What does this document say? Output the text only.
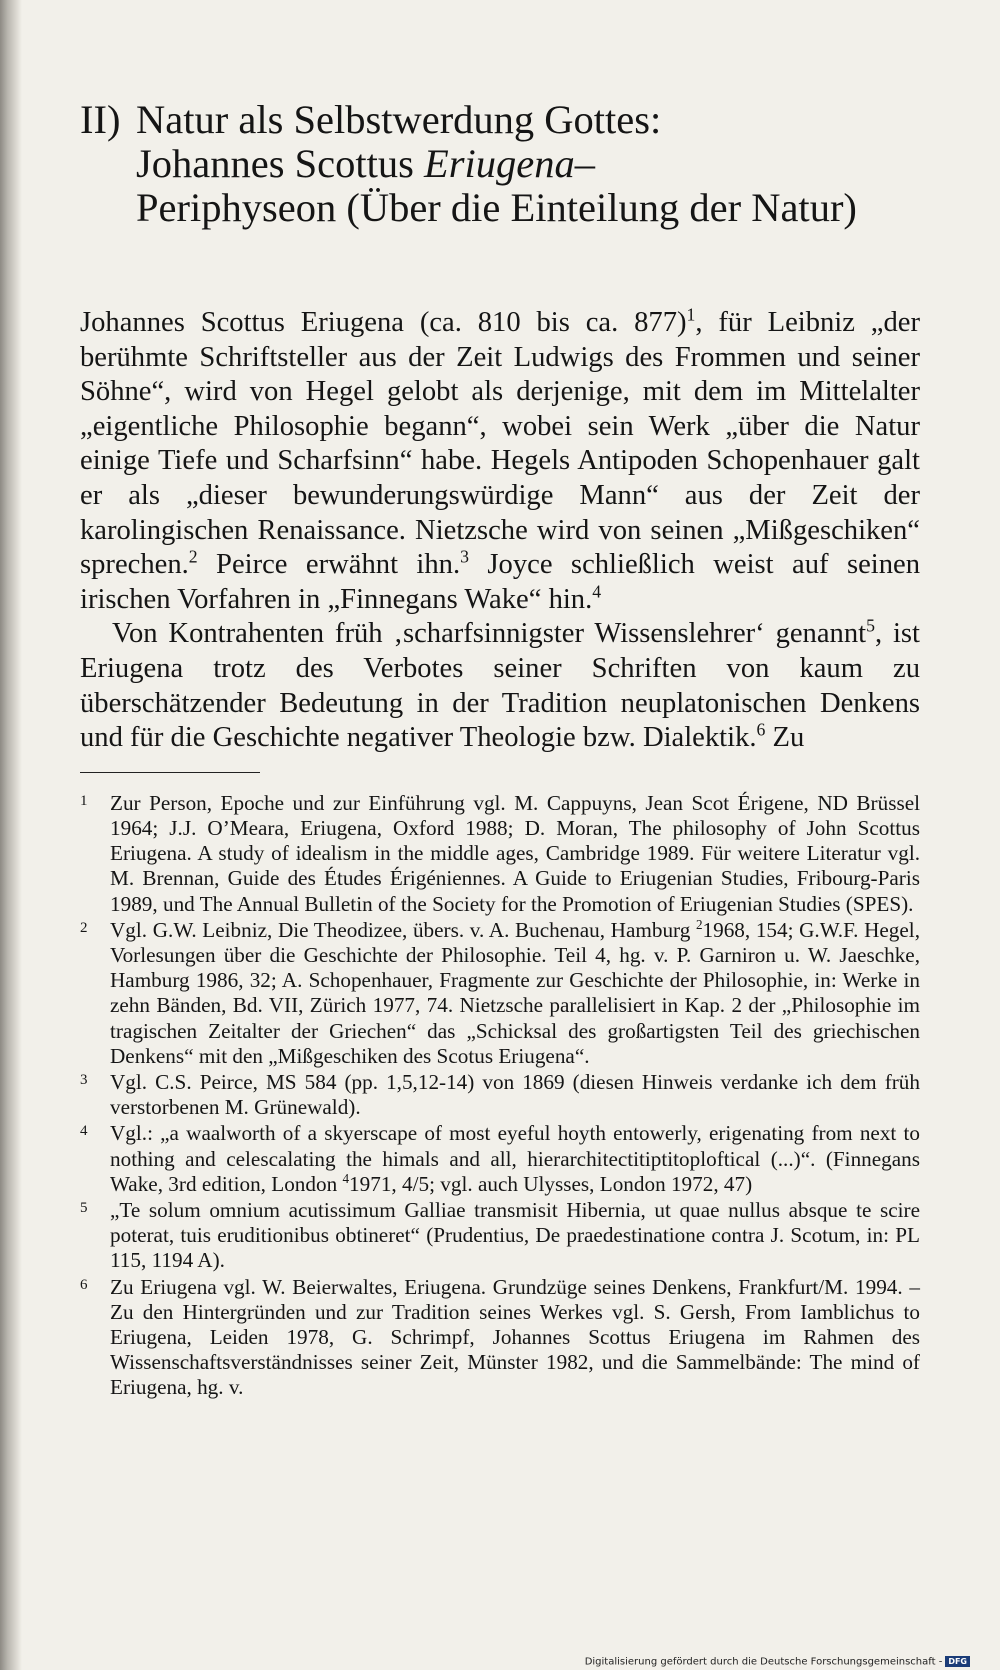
II) Natur als Selbstwerdung Gottes:
Johannes Scottus Eriugena–
Periphyseon (Über die Einteilung der Natur)

Johannes Scottus Eriugena (ca. 810 bis ca. 877)$^1$, für Leibniz „der berühmte Schriftsteller aus der Zeit Ludwigs des Frommen und seiner Söhne“, wird von Hegel gelobt als derjenige, mit dem im Mittelalter „eigentliche Philosophie begann“, wobei sein Werk „über die Natur einige Tiefe und Scharfsinn“ habe. Hegels Antipoden Schopenhauer galt er als „dieser bewunderungswürdige Mann“ aus der Zeit der karolingischen Renaissance. Nietzsche wird von seinen „Mißgeschiken“ sprechen.$^2$ Peirce erwähnt ihn.$^3$ Joyce schließlich weist auf seinen irischen Vorfahren in „Finnegans Wake“ hin.$^4$

Von Kontrahenten früh ‚scharfsinnigster Wissenslehrer‘ genannt$^5$, ist Eriugena trotz des Verbotes seiner Schriften von kaum zu überschätzender Bedeutung in der Tradition neuplatonischen Denkens und für die Geschichte negativer Theologie bzw. Dialektik.$^6$ Zu

1 Zur Person, Epoche und zur Einführung vgl. M. Cappuyns, Jean Scot Érigene, ND Brüssel 1964; J.J. O’Meara, Eriugena, Oxford 1988; D. Moran, The philosophy of John Scottus Eriugena. A study of idealism in the middle ages, Cambridge 1989. Für weitere Literatur vgl. M. Brennan, Guide des Études Érigéniennes. A Guide to Eriugenian Studies, Fribourg-Paris 1989, und The Annual Bulletin of the Society for the Promotion of Eriugenian Studies (SPES).
2 Vgl. G.W. Leibniz, Die Theodizee, übers. v. A. Buchenau, Hamburg $^2$1968, 154; G.W.F. Hegel, Vorlesungen über die Geschichte der Philosophie. Teil 4, hg. v. P. Garniron u. W. Jaeschke, Hamburg 1986, 32; A. Schopenhauer, Fragmente zur Geschichte der Philosophie, in: Werke in zehn Bänden, Bd. VII, Zürich 1977, 74. Nietzsche parallelisiert in Kap. 2 der „Philosophie im tragischen Zeitalter der Griechen“ das „Schicksal des großartigsten Teil des griechischen Denkens“ mit den „Mißgeschiken des Scotus Eriugena“.
3 Vgl. C.S. Peirce, MS 584 (pp. 1,5,12-14) von 1869 (diesen Hinweis verdanke ich dem früh verstorbenen M. Grünewald).
4 Vgl.: „a waalworth of a skyerscape of most eyeful hoyth entowerly, erigenating from next to nothing and celescalating the himals and all, hierarchitectitiptitoploftical (...)“. (Finnegans Wake, 3rd edition, London $^4$1971, 4/5; vgl. auch Ulysses, London 1972, 47)
5 „Te solum omnium acutissimum Galliae transmisit Hibernia, ut quae nullus absque te scire poterat, tuis eruditionibus obtineret“ (Prudentius, De praedestinatione contra J. Scotum, in: PL 115, 1194 A).
6 Zu Eriugena vgl. W. Beierwaltes, Eriugena. Grundzüge seines Denkens, Frankfurt/M. 1994. – Zu den Hintergründen und zur Tradition seines Werkes vgl. S. Gersh, From Iamblichus to Eriugena, Leiden 1978, G. Schrimpf, Johannes Scottus Eriugena im Rahmen des Wissenschaftsverständnisses seiner Zeit, Münster 1982, und die Sammelbände: The mind of Eriugena, hg. v.
Digitalisierung gefördert durch die Deutsche Forschungsgemeinschaft - DFG
